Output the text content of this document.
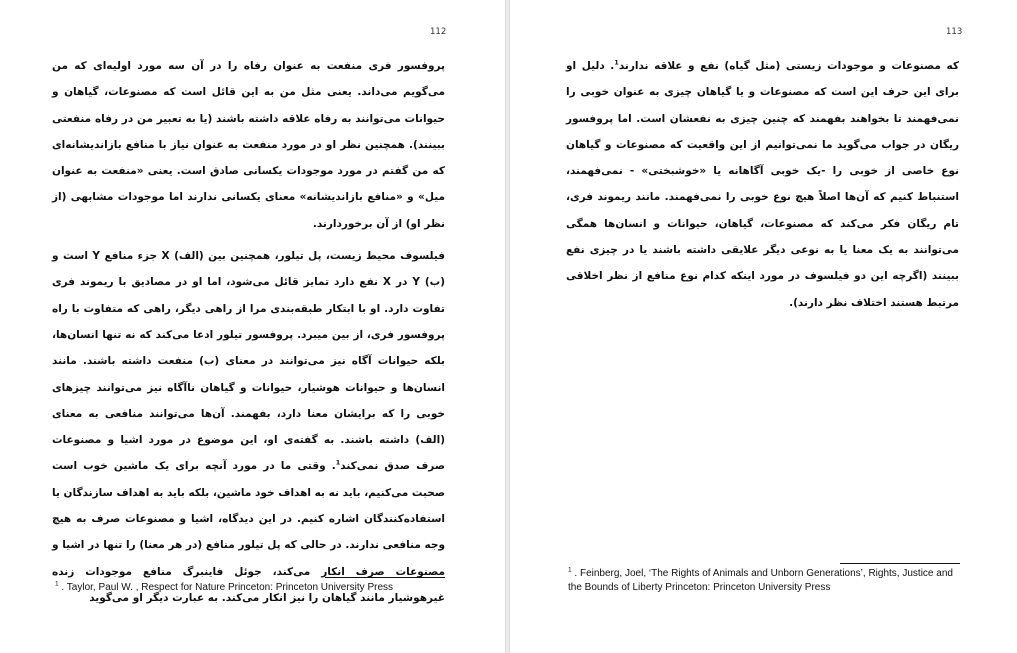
113

که مصنوعات و موجودات زیستی (مثل گیاه) نفع و علاقه ندارند$^1$. دلیل او برای این حرف این است که مصنوعات و یا گیاهان چیزی به عنوان خوبی را نمی‌فهمند تا بخواهند بفهمند که چنین چیزی به نفعشان است. اما پروفسور ریگان در جواب می‌گوید ما نمی‌توانیم از این واقعیت که مصنوعات و گیاهان نوع خاصی از خوبی را -یک خوبی آگاهانه یا «خوشبختی» - نمی‌فهمند، استنباط کنیم که آن‌ها اصلاً هیچ نوع خوبی را نمی‌فهمند. مانند ریموند فری، تام ریگان فکر می‌کند که مصنوعات، گیاهان، حیوانات و انسان‌ها همگی می‌توانند به یک معنا یا به نوعی دیگر علایقی داشته باشند یا در چیزی نفع ببینند (اگرچه این دو فیلسوف در مورد اینکه کدام نوع منافع از نظر اخلاقی مرتبط هستند اختلاف نظر دارند).

$^1$ . Feinberg, Joel, ‘The Rights of Animals and Unborn Generations’, Rights, Justice and the Bounds of Liberty Princeton: Princeton University Press
112

پروفسور فری منفعت به عنوان رفاه را در آن سه مورد اولیه‌ای که من می‌گویم می‌داند. یعنی مثل من به این قائل است که مصنوعات، گیاهان و حیوانات می‌توانند به رفاه علاقه داشته باشند (یا به تعبیر من در رفاه منفعتی ببینند). همچنین نظر او در مورد منفعت به عنوان نیاز با منافع بازاندیشانه‌ای که من گفتم در مورد موجودات یکسانی صادق است. یعنی «منفعت به عنوان میل» و «منافع بازاندیشانه» معنای یکسانی ندارند اما موجودات مشابهی (از نظر او) از آن برخوردارند.

فیلسوف محیط زیست، پل تیلور، همچنین بین (الف) X جزء منافع Y است و (ب) Y در X نفع دارد تمایز قائل می‌شود، اما او در مصادیق با ریموند فری تفاوت دارد. او با ابتکار طبقه‌بندی مرا از راهی دیگر، راهی که متفاوت با راه پروفسور فری، از بین میبرد. پروفسور تیلور ادعا می‌کند که نه تنها انسان‌ها، بلکه حیوانات آگاه نیز می‌توانند در معنای (ب) منفعت داشته باشند. مانند انسان‌ها و حیوانات هوشیار، حیوانات و گیاهان ناآگاه نیز می‌توانند چیزهای خوبی را که برایشان معنا دارد، بفهمند. آن‌ها می‌توانند منافعی به معنای (الف) داشته باشند. به گفته‌ی او، این موضوع در مورد اشیا و مصنوعات صرف صدق نمی‌کند$^1$. وقتی ما در مورد آنچه برای یک ماشین خوب است صحبت می‌کنیم، باید نه به اهداف خود ماشین، بلکه باید به اهداف سازندگان یا استفاده‌کنندگان اشاره کنیم. در این دیدگاه، اشیا و مصنوعات صرف به هیچ وجه منافعی ندارند. در حالی که پل تیلور منافع (در هر معنا) را تنها در اشیا و مصنوعات صرف انکار می‌کند، جوئل فاینبرگ منافع موجودات زنده غیرهوشیار مانند گیاهان را نیز انکار می‌کند. به عبارت دیگر او می‌گوید

$^1$ . Taylor, Paul W. , Respect for Nature Princeton: Princeton University Press
